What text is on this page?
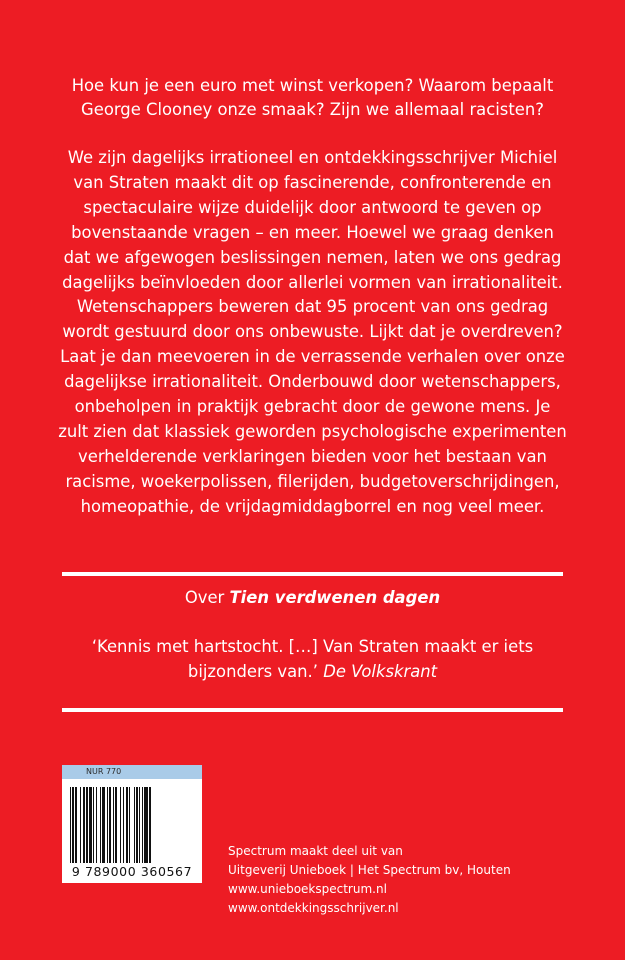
Hoe kun je een euro met winst verkopen? Waarom bepaalt
George Clooney onze smaak? Zijn we allemaal racisten?

We zijn dagelijks irrationeel en ontdekkingsschrijver Michiel
van Straten maakt dit op fascinerende, confronterende en
spectaculaire wijze duidelijk door antwoord te geven op
bovenstaande vragen – en meer. Hoewel we graag denken
dat we afgewogen beslissingen nemen, laten we ons gedrag
dagelijks beïnvloeden door allerlei vormen van irrationaliteit.
Wetenschappers beweren dat 95 procent van ons gedrag
wordt gestuurd door ons onbewuste. Lijkt dat je overdreven?
Laat je dan meevoeren in de verrassende verhalen over onze
dagelijkse irrationaliteit. Onderbouwd door wetenschappers,
onbeholpen in praktijk gebracht door de gewone mens. Je
zult zien dat klassiek geworden psychologische experimenten
verhelderende verklaringen bieden voor het bestaan van
racisme, woekerpolissen, filerijden, budgetoverschrijdingen,
homeopathie, de vrijdagmiddagborrel en nog veel meer.

Over Tien verdwenen dagen

‘Kennis met hartstocht. […] Van Straten maakt er iets
bijzonders van.’ De Volkskrant

NUR 770
9 789000 360567
Spectrum maakt deel uit van
Uitgeverij Unieboek | Het Spectrum bv, Houten
www.unieboekspectrum.nl
www.ontdekkingsschrijver.nl
